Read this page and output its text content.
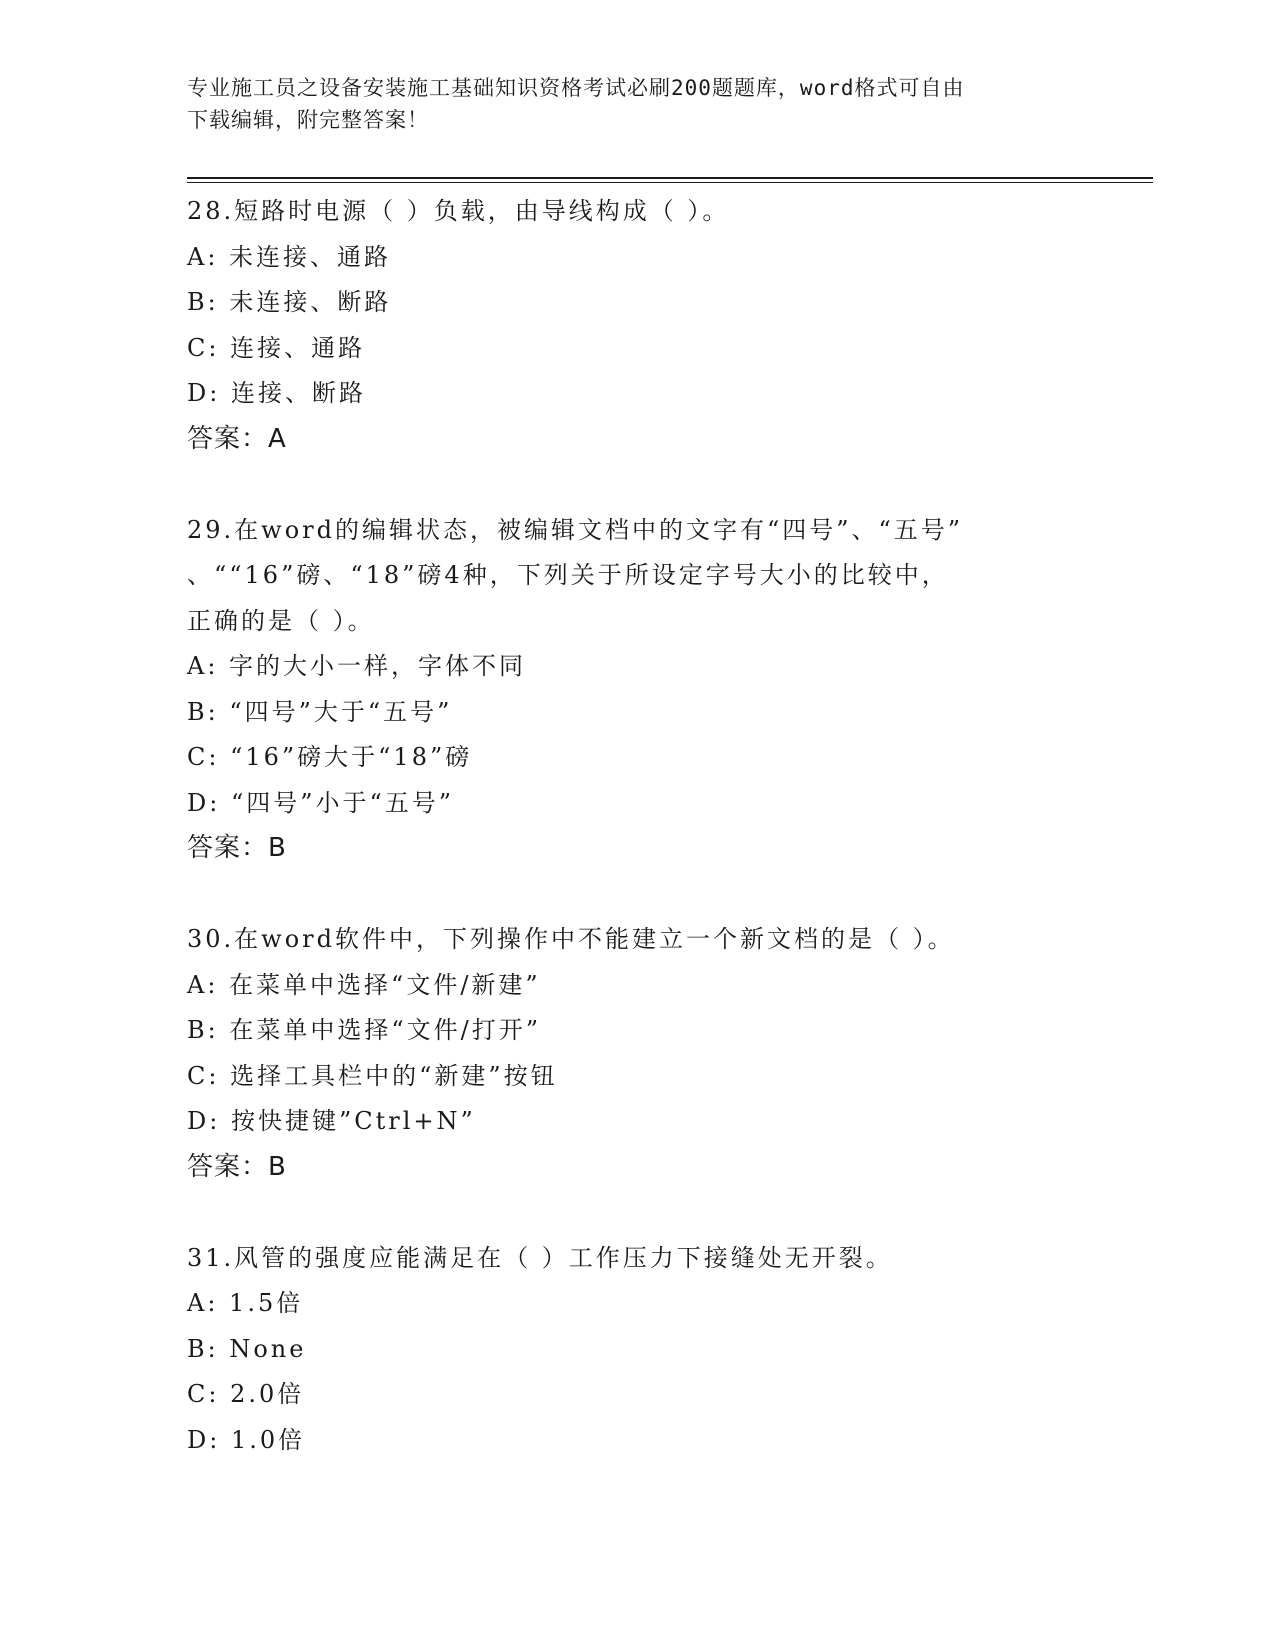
专业施工员之设备安装施工基础知识资格考试必刷200题题库，word格式可自由
下载编辑，附完整答案！

28.短路时电源（ ）负载，由导线构成（ ）。

A: 未连接、通路

B: 未连接、断路

C: 连接、通路

D: 连接、断路

答案：A

29.在word的编辑状态，被编辑文档中的文字有“四号”、“五号”

、““16”磅、“18”磅4种，下列关于所设定字号大小的比较中，

正确的是（ ）。

A: 字的大小一样，字体不同

B: “四号”大于“五号”

C: “16”磅大于“18”磅

D: “四号”小于“五号”

答案：B

30.在word软件中，下列操作中不能建立一个新文档的是（ ）。

A: 在菜单中选择“文件/新建”

B: 在菜单中选择“文件/打开”

C: 选择工具栏中的“新建”按钮

D: 按快捷键”Ctrl+N”

答案：B

31.风管的强度应能满足在（ ）工作压力下接缝处无开裂。

A: 1.5倍

B: None

C: 2.0倍

D: 1.0倍
